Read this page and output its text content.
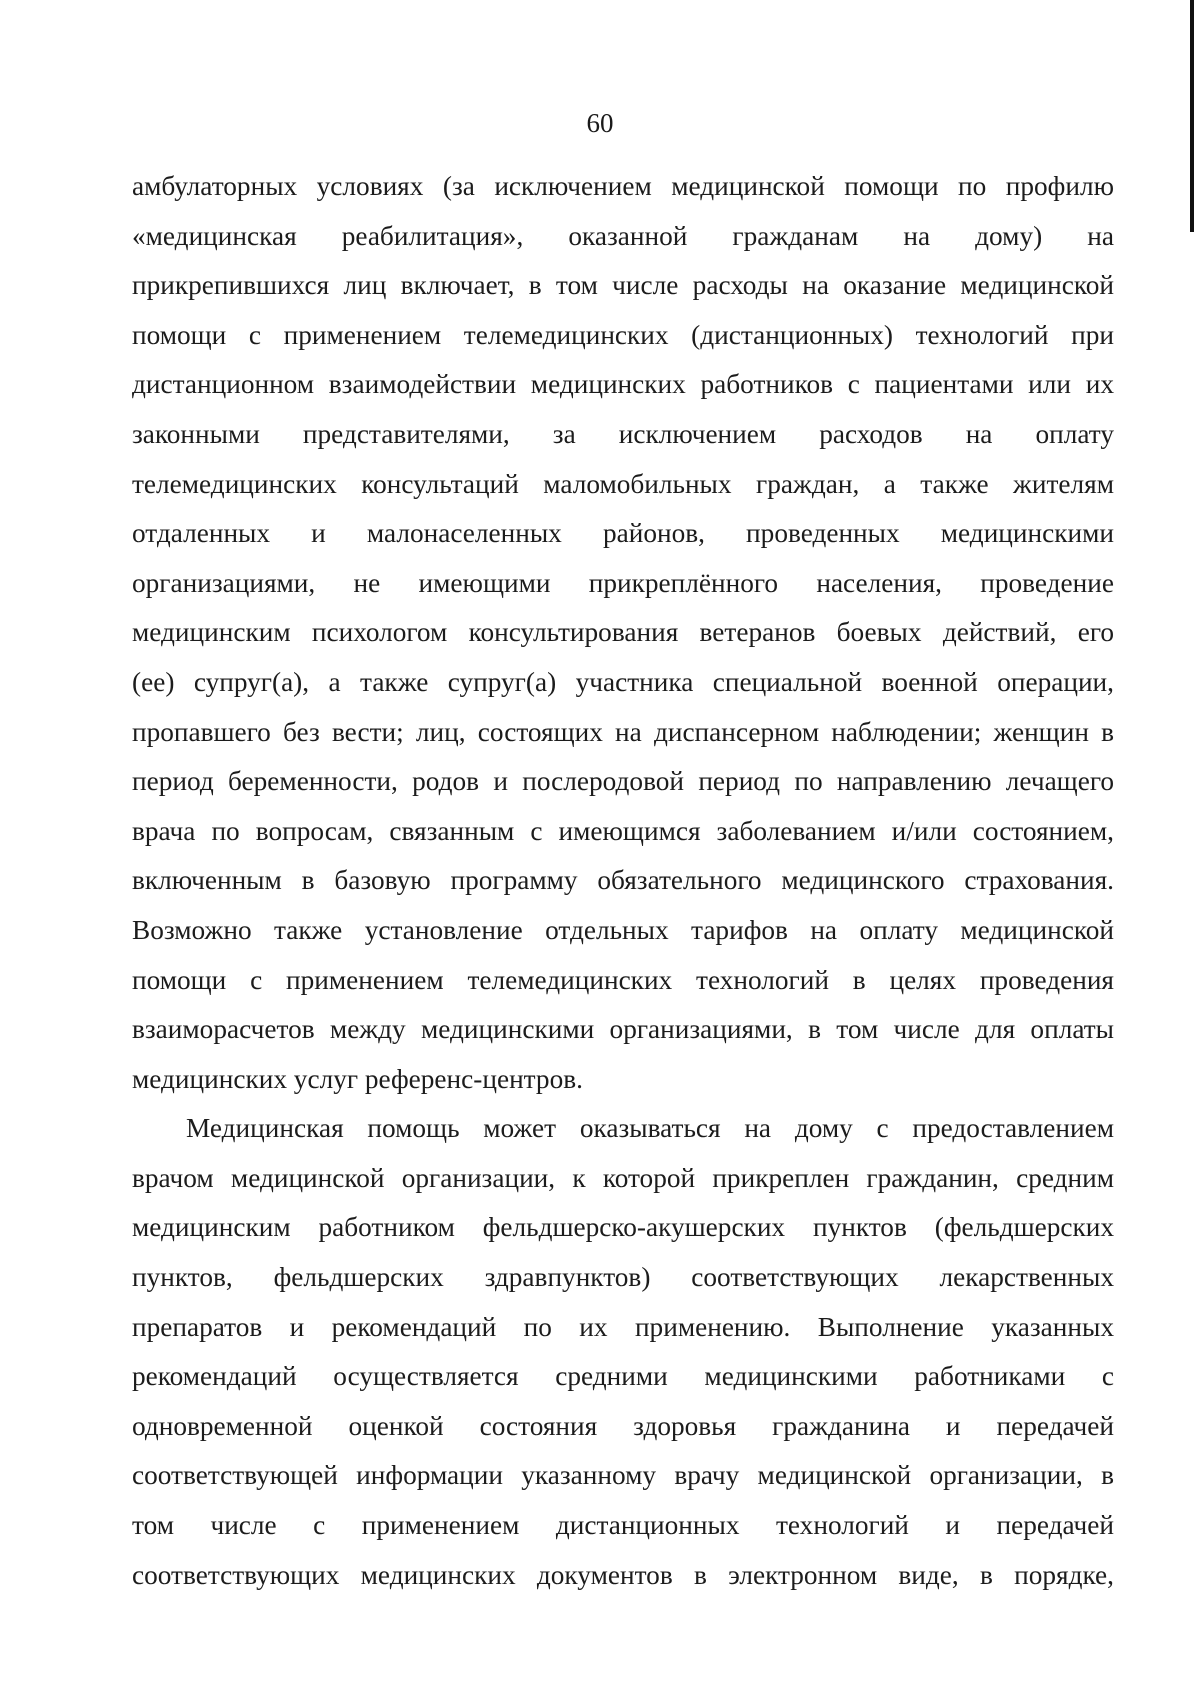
60
амбулаторных условиях (за исключением медицинской помощи по профилю
«медицинская реабилитация», оказанной гражданам на дому) на
прикрепившихся лиц включает, в том числе расходы на оказание медицинской
помощи с применением телемедицинских (дистанционных) технологий при
дистанционном взаимодействии медицинских работников с пациентами или их
законными представителями, за исключением расходов на оплату
телемедицинских консультаций маломобильных граждан, а также жителям
отдаленных и малонаселенных районов, проведенных медицинскими
организациями, не имеющими прикреплённого населения, проведение
медицинским психологом консультирования ветеранов боевых действий, его
(ее) супруг(а), а также супруг(а) участника специальной военной операции,
пропавшего без вести; лиц, состоящих на диспансерном наблюдении; женщин в
период беременности, родов и послеродовой период по направлению лечащего
врача по вопросам, связанным с имеющимся заболеванием и/или состоянием,
включенным в базовую программу обязательного медицинского страхования.
Возможно также установление отдельных тарифов на оплату медицинской
помощи с применением телемедицинских технологий в целях проведения
взаиморасчетов между медицинскими организациями, в том числе для оплаты
медицинских услуг референс-центров.
Медицинская помощь может оказываться на дому с предоставлением
врачом медицинской организации, к которой прикреплен гражданин, средним
медицинским работником фельдшерско-акушерских пунктов (фельдшерских
пунктов, фельдшерских здравпунктов) соответствующих лекарственных
препаратов и рекомендаций по их применению. Выполнение указанных
рекомендаций осуществляется средними медицинскими работниками с
одновременной оценкой состояния здоровья гражданина и передачей
соответствующей информации указанному врачу медицинской организации, в
том числе с применением дистанционных технологий и передачей
соответствующих медицинских документов в электронном виде, в порядке,
